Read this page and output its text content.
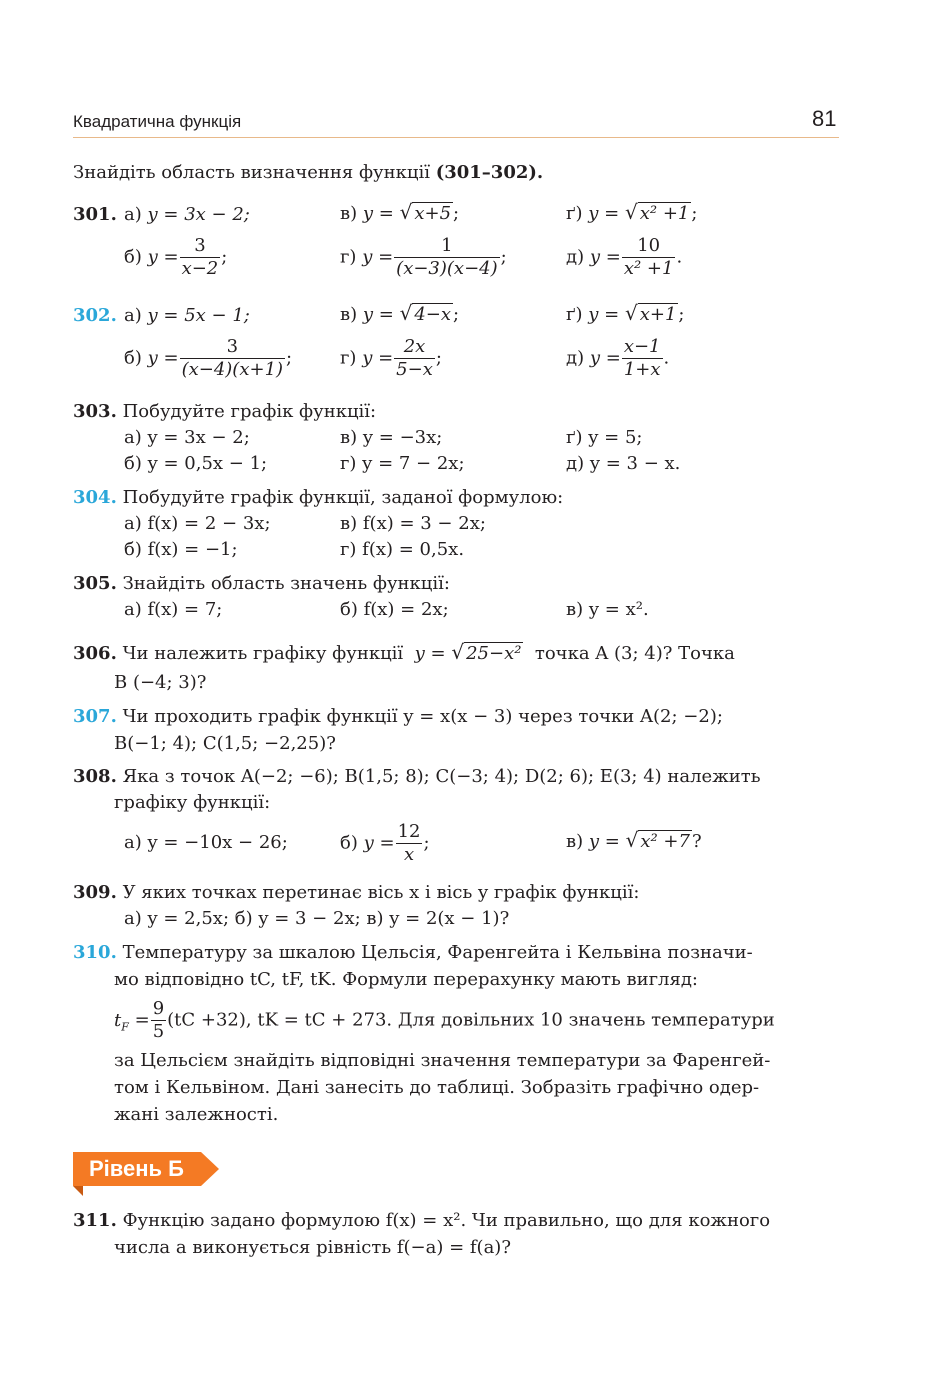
Квадратична функція	81
Знайдіть область визначення функції (301–302).
301. а) y = 3x − 2;	в) y = √ x+5 ;	ґ) y = √ x² +1 ;
б) $y = \frac{3}{x-2}$ ;	г) $y = \frac{1}{(x-3)(x-4)}$ ;	д) $y = \frac{10}{\text{x² +1}}$ .
302. а) y = 5x − 1;	в) y = √ 4−x ;	ґ) y = √ x+1 ;
б) $y = \frac{3}{(x-4)(x+1)}$ ;	г) $y = \frac{2x}{5-x}$ ;	д) $y = \frac{x-1}{1+x}$ .
303. Побудуйте графік функції:
а) y = 3x − 2;	в) y = −3x;	ґ) y = 5;
б) y = 0,5x − 1;	г) y = 7 − 2x;	д) y = 3 − x.
304. Побудуйте графік функції, заданої формулою:
а) f(x) = 2 − 3x;	в) f(x) = 3 − 2x;
б) f(x) = −1;	г) f(x) = 0,5x.
305. Знайдіть область значень функції:
а) f(x) = 7;	б) f(x) = 2x;	в) y = x².
306. Чи належить графіку функції y = √ 25−x² точка A (3; 4)? Точка
B (−4; 3)?
307. Чи проходить графік функції y = x(x − 3) через точки A(2; −2);
B(−1; 4); C(1,5; −2,25)?
308. Яка з точок A(−2; −6); B(1,5; 8); C(−3; 4); D(2; 6); E(3; 4) належить
графіку функції:
а) y = −10x − 26;	б) $y = \frac{12}{x}$ ;	в) y = √ x² +7 ?
309. У яких точках перетинає вісь x і вісь y графік функції:
а) y = 2,5x; б) y = 3 − 2x; в) y = 2(x − 1)?
310. Температуру за шкалою Цельсія, Фаренгейта і Кельвіна позначи-
мо відповідно tC, tF, tK. Формули перерахунку мають вигляд:
$t_F = \frac{9}{5} (tC +32)$, tK = tC + 273. Для довільних 10 значень температури
за Цельсієм знайдіть відповідні значення температури за Фаренгей-
том і Кельвіном. Дані занесіть до таблиці. Зобразіть графічно одер-
жані залежності.
Рівень Б
311. Функцію задано формулою f(x) = x². Чи правильно, що для кожного
числа a виконується рівність f(−a) = f(a)?
